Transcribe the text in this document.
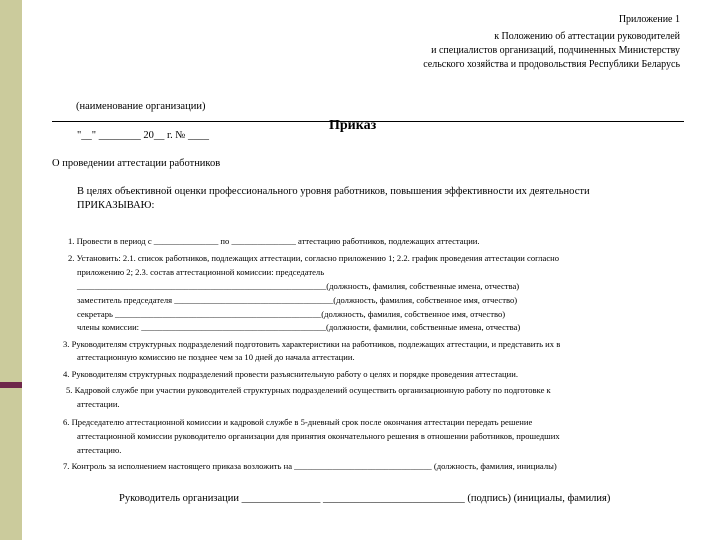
Приложение 1
к Положению об аттестации руководителей
и специалистов организаций, подчиненных Министерству
сельского хозяйства и продовольствия Республики Беларусь
(наименование организации)
Приказ
"__" ________ 20__ г. № ____
О проведении аттестации работников
В целях объективной оценки профессионального уровня работников, повышения эффективности их деятельности
ПРИКАЗЫВАЮ:
1. Провести в период с _______________ по _______________ аттестацию работников, подлежащих аттестации.
2. Установить: 2.1. список работников, подлежащих аттестации, согласно приложению 1; 2.2. график проведения аттестации согласно
приложению 2; 2.3. состав аттестационной комиссии: председатель
__________________________________________________________(должность, фамилия, собственные имена, отчества)
заместитель председателя _____________________________________(должность, фамилия, собственное имя, отчество)
секретарь ________________________________________________(должность, фамилия, собственное имя, отчество)
члены комиссии: ___________________________________________(должности, фамилии, собственные имена, отчества)
3. Руководителям структурных подразделений подготовить характеристики на работников, подлежащих аттестации, и представить их в
аттестационную комиссию не позднее чем за 10 дней до начала аттестации.
4. Руководителям структурных подразделений провести разъяснительную работу о целях и порядке проведения аттестации.
5. Кадровой службе при участии руководителей структурных подразделений осуществить организационную работу по подготовке к
аттестации.
6. Председателю аттестационной комиссии и кадровой службе в 5-дневный срок после окончания аттестации передать решение
аттестационной комиссии руководителю организации для принятия окончательного решения в отношении работников, прошедших
аттестацию.
7. Контроль за исполнением настоящего приказа возложить на ________________________________ (должность, фамилия, инициалы)
Руководитель организации _______________ ___________________________ (подпись) (инициалы, фамилия)
